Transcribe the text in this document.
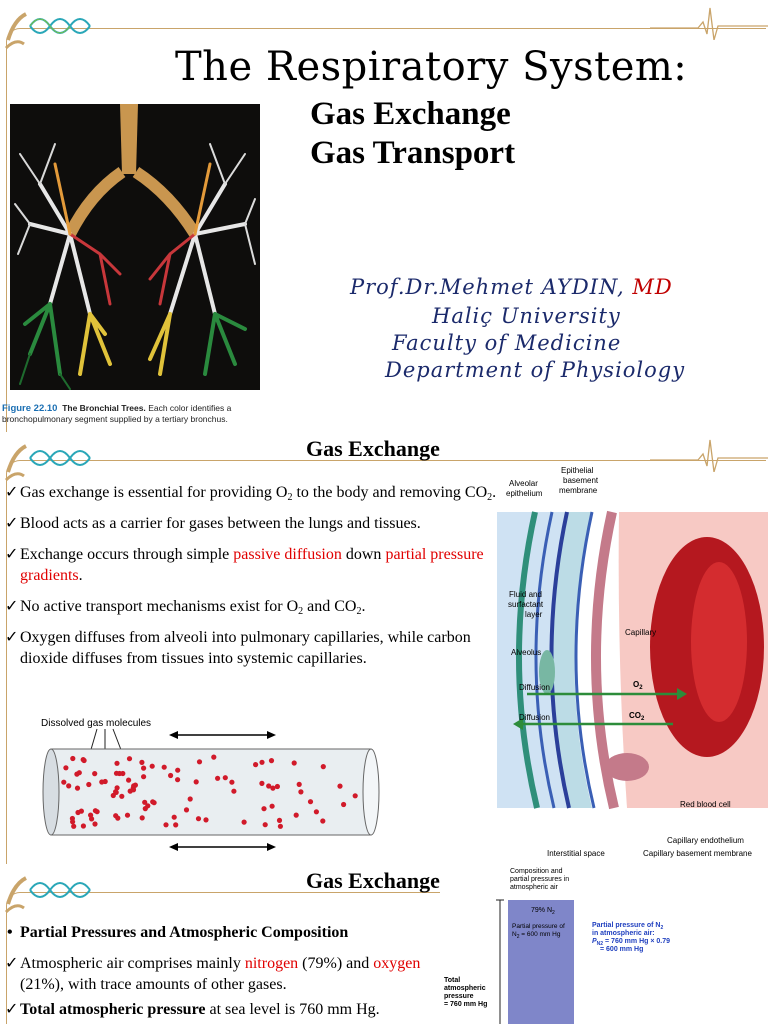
The Respiratory System:
Gas Exchange
Gas Transport
Prof.Dr.Mehmet AYDIN, MD
Haliç University
Faculty of Medicine
Department of Physiology
Figure 22.10 The Bronchial Trees. Each color identifies a
bronchopulmonary segment supplied by a tertiary bronchus.
Gas Exchange
✓ Gas exchange is essential for providing $O_2$ to the body and removing $CO_2$.
✓ Blood acts as a carrier for gases between the lungs and tissues.
✓ Exchange occurs through simple passive diffusion down partial pressure gradients.
✓ No active transport mechanisms exist for $O_2$ and $CO_2$.
✓ Oxygen diffuses from alveoli into pulmonary capillaries, while carbon dioxide diffuses from tissues into systemic capillaries.
Alveolar
epithelium
Epithelial
basement
membrane
Fluid and
surfactant
layer
Alveolus
Capillary
Diffusion
Diffusion
$O_2$
$CO_2$
Red blood cell
Interstitial space
Capillary endothelium
Capillary basement membrane
Dissolved gas molecules
Gas Exchange
• Partial Pressures and Atmospheric Composition
✓ Atmospheric air comprises mainly nitrogen (79%) and oxygen (21%), with trace amounts of other gases.
✓ Total atmospheric pressure at sea level is 760 mm Hg.
Composition and
partial pressures in
atmospheric air
79% $N_2$
Partial pressure of
$N_2 = 600$ mm Hg
Partial pressure of $N_2$
in atmospheric air:
$P_{N2} = 760$ mm Hg × 0.79
= 600 mm Hg
Total
atmospheric
pressure
= 760 mm Hg
